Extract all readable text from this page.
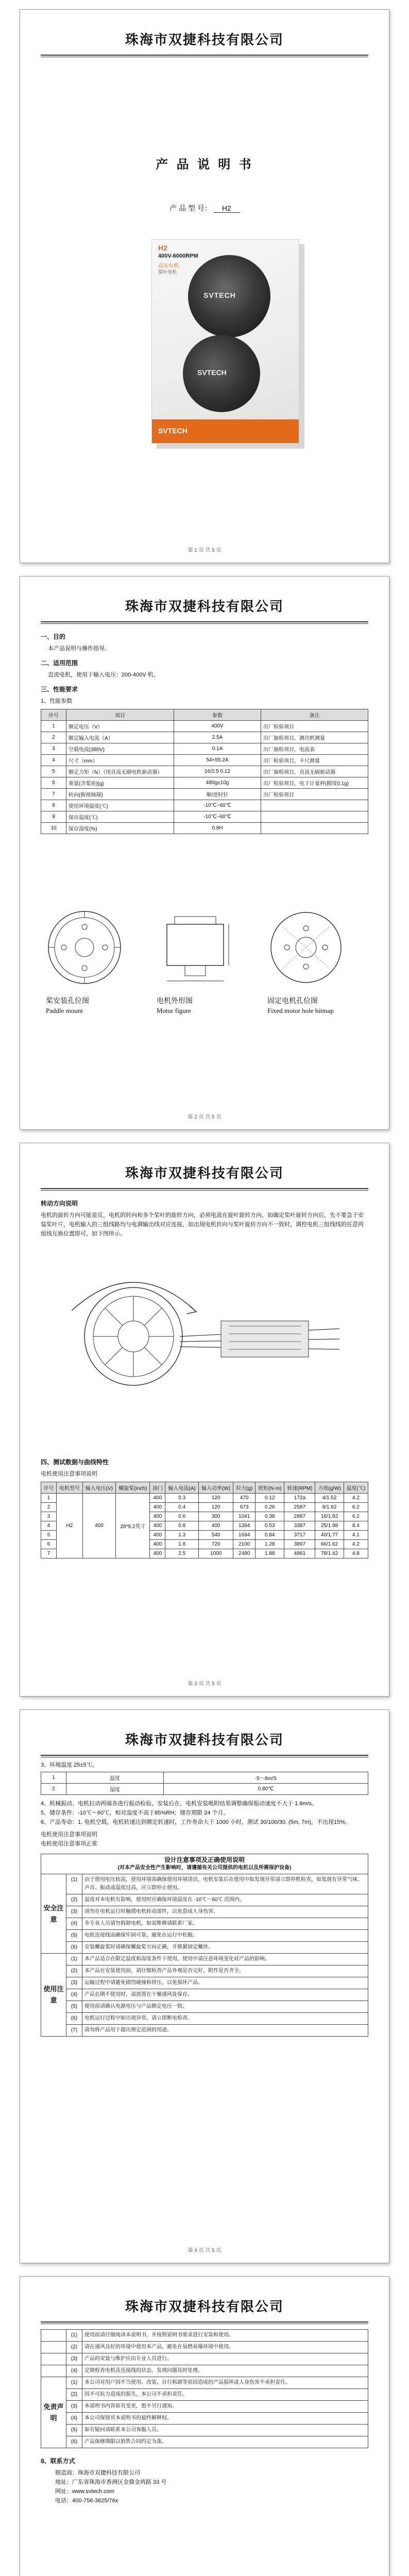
珠海市双捷科技有限公司
产 品 说 明 书
产 品 型 号： H2
H2
400V-6000RPM
高压电机
桨叶电机
SVTECH
SVTECH
SVTECH
第 1 页 共 5 页
珠海市双捷科技有限公司
一、目的
本产品说明与操作指导。
二、适用范围
直流电机，使用于输入电压：200-400V 机。
三、性能要求
1、性能参数
序号	项目	参数	备注
1	额定电压（V）	400V	出厂检验项目
2	额定输入电流（A）	2.5A	出厂抽检项目，测功机测量
3	空载电流(380V)	0.1A	出厂抽检项目，电流表
4	尺寸（mm）	54×55.2A	出厂检验项目，卡尺测量
5	额定力矩（N）（用直流无刷电机驱动器）	16/2.5 0.12	出厂抽检项目，直流无刷驱动器
6	重量(含桨座)(g)	480g±10g	出厂检验项目，电子计量秤(精度0.1g)
7	转向(俯视轴端)	顺/逆时针	出厂检验项目
8	使用环境温度(℃)	-10℃~60℃	
9	保存温度(℃)	-10℃~60℃	
10	保存湿度(%)	0.8H	
桨安装孔位图
Paddle mount
电机外形图
Motor figure
固定电机孔位图
Fixed motor hole bitmap
第 2 页 共 5 页
珠海市双捷科技有限公司
转动方向说明
电机的旋转方向可能是反，电机的转向和多个桨叶的旋转方向，必须电流在旋叶旋转方向。如确定桨叶旋转方向后，先不要急于安装桨叶片，电机输入的三组线路均与电调输出线对应连接，如出现电机转向与桨叶旋转方向不一致时，调控电机三组线线的任意两组线互换位置即可，如下图所示。
四、测试数据与曲线特性
电机使用注意事项说明
序号	电机型号	输入电压(V)	螺旋桨(inch)	油门	输入电流(A)	输入功率(W)	拉力(g)	扭矩(N·m)	转速(RPM)	力效(g/W)	温度(℃)
1	H2	400	28*9.2英寸	400	0.3	120	470	0.12	172a	4/1.52	4.2
2				400	0.4	120	673	0.26	2587	8/1.62	6.2
3				400	0.6	300	1041	0.38	2887	16/1.92	6.2
4				400	0.8	400	1394	0.53	3387	25/1.98	8.4
5				400	1.3	540	1694	0.84	3717	40/1.77	4.1
6				400	1.8	720	2100	1.28	3897	66/1.62	4.2
7				400	2.5	1000	2480	1.88	4861	78/1.42	4.8
第 3 页 共 5 页
珠海市双捷科技有限公司
3、环境温度 25±5℃。
1	温度	-5～8m/S
2	湿度	0.80℃
4、机械振动、电机拉动两端各进行振动检验，安装后在，电机安装吸附结果调整确保振动速度不大于 1.6m/s。
5、储存条件：-10℃～60℃，相对湿度不高于85%RH；储存期限 24 个月。
6、产品寿命：1. 电机空载，电机转速达到额定转速时，工作寿命大于 1000 小时，测试 30/100/30. (5m, 7m)，不出现15%。
电机使用注意事项说明
电机使用注意事项正常
设计注意事项及正确使用说明
(对本产品安全性产生影响时，请遵循有关公司提供的电机以及所需保护设备)		

安全注意	(1)	由于使用电压较高，使用环境需确保使用环境清洁，电机安装后在使用中如发现异常请立即停机检查，如发现有异常气味、声音、振动或温度过高，应立即停止使用。
	(2)	温度对本电机有影响，使用时应确保环境温度在 -10℃～60℃ 范围内。
	(3)	请勿在电机运行时触摸电机转动部件，以免造成人身伤害。
	(4)	非专业人员请勿拆卸电机，如需维修请联系厂家。
	(5)	电机连接线需确保牢固可靠，避免在运行中松脱。
	(6)	安装螺旋桨时请确保螺旋桨方向正确，并锁紧固定螺丝。
使用注意	(1)	本产品适合在限定温度和湿度条件下使用，使用中请注意环境变化对产品的影响。
	(2)	本产品在安装使用前，请仔细检查产品外观是否完好，附件是否齐全。
	(3)	运输过程中请避免剧烈碰撞和挤压，以免损坏产品。
	(4)	产品长期不使用时，请放置在干燥通风处保存。
	(5)	使用前请确认电源电压与产品额定电压一致。
	(6)	电机运行过程中如出现异常，请立即断电检查。
	(7)	请勿将产品用于超出规定范围的用途。
第 4 页 共 5 页
珠海市双捷科技有限公司
	(1)	使用前请仔细阅读本说明书，并按照说明书要求进行安装和使用。
	(2)	请在通风良好的环境中使用本产品，避免在易燃易爆环境中使用。
	(3)	产品的安装与维护应由专业人员进行。
	(4)	定期检查电机及连接线的状态，发现问题及时处理。
免责声明	(1)	本公司对用户因不当使用、改装、自行拆卸等原因造成的产品损坏或人身伤害不承担责任。
	(2)	因不可抗力造成的损失，本公司不承担责任。
	(3)	本说明书内容如有变更，恕不另行通知。
	(4)	本公司保留对本说明书的最终解释权。
	(5)	如有疑问请联系本公司客服人员。
	(6)	产品保修期限以销售合同约定为准。
8、联系方式
制造商：珠海市双捷科技有限公司
地址：广东省珠海市香洲区金鼎金鸡路 33 号
网址：www.svtech.com
电话：400-756-3625/76x
